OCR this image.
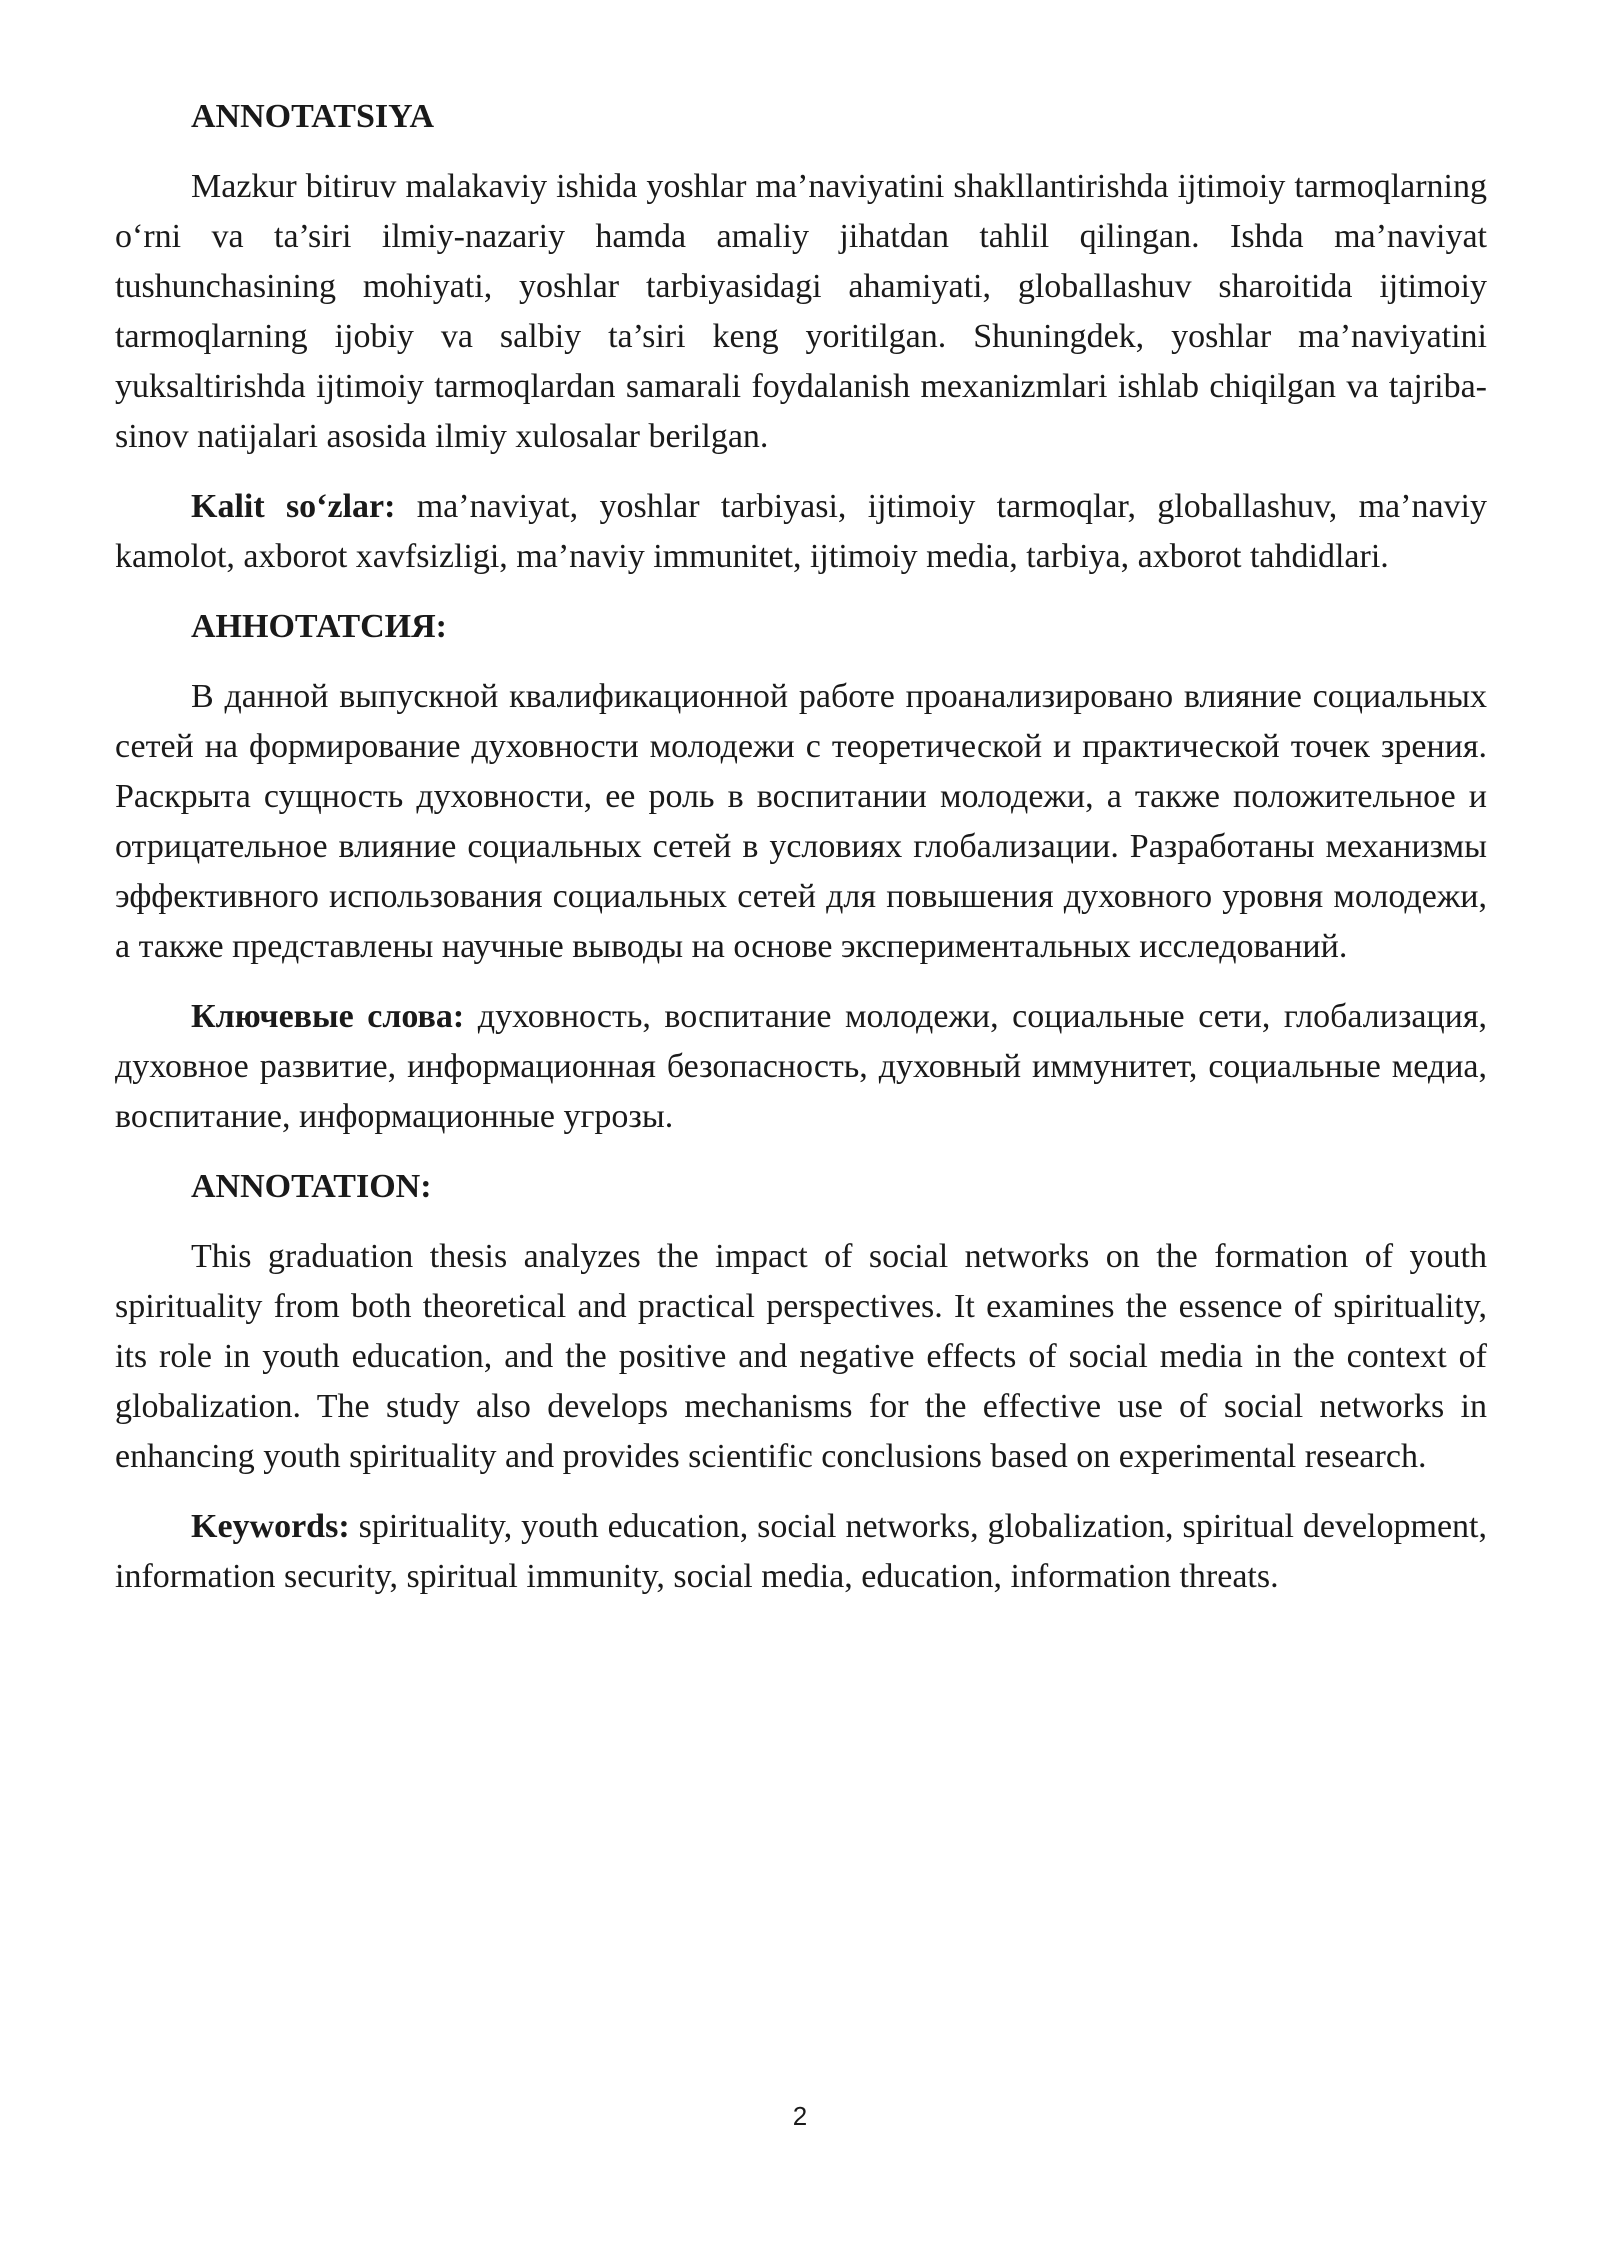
ANNOTATSIYA

Mazkur bitiruv malakaviy ishida yoshlar ma’naviyatini shakllantirishda ijtimoiy tarmoqlarning o‘rni va ta’siri ilmiy-nazariy hamda amaliy jihatdan tahlil qilingan. Ishda ma’naviyat tushunchasining mohiyati, yoshlar tarbiyasidagi ahamiyati, globallashuv sharoitida ijtimoiy tarmoqlarning ijobiy va salbiy ta’siri keng yoritilgan. Shuningdek, yoshlar ma’naviyatini yuksaltirishda ijtimoiy tarmoqlardan samarali foydalanish mexanizmlari ishlab chiqilgan va tajriba-sinov natijalari asosida ilmiy xulosalar berilgan.

Kalit so‘zlar: ma’naviyat, yoshlar tarbiyasi, ijtimoiy tarmoqlar, globallashuv, ma’naviy kamolot, axborot xavfsizligi, ma’naviy immunitet, ijtimoiy media, tarbiya, axborot tahdidlari.

АННОТАТСИЯ:

В данной выпускной квалификационной работе проанализировано влияние социальных сетей на формирование духовности молодежи с теоретической и практической точек зрения. Раскрыта сущность духовности, ее роль в воспитании молодежи, а также положительное и отрицательное влияние социальных сетей в условиях глобализации. Разработаны механизмы эффективного использования социальных сетей для повышения духовного уровня молодежи, а также представлены научные выводы на основе экспериментальных исследований.

Ключевые слова: духовность, воспитание молодежи, социальные сети, глобализация, духовное развитие, информационная безопасность, духовный иммунитет, социальные медиа, воспитание, информационные угрозы.

ANNOTATION:

This graduation thesis analyzes the impact of social networks on the formation of youth spirituality from both theoretical and practical perspectives. It examines the essence of spirituality, its role in youth education, and the positive and negative effects of social media in the context of globalization. The study also develops mechanisms for the effective use of social networks in enhancing youth spirituality and provides scientific conclusions based on experimental research.

Keywords: spirituality, youth education, social networks, globalization, spiritual development, information security, spiritual immunity, social media, education, information threats.

2
